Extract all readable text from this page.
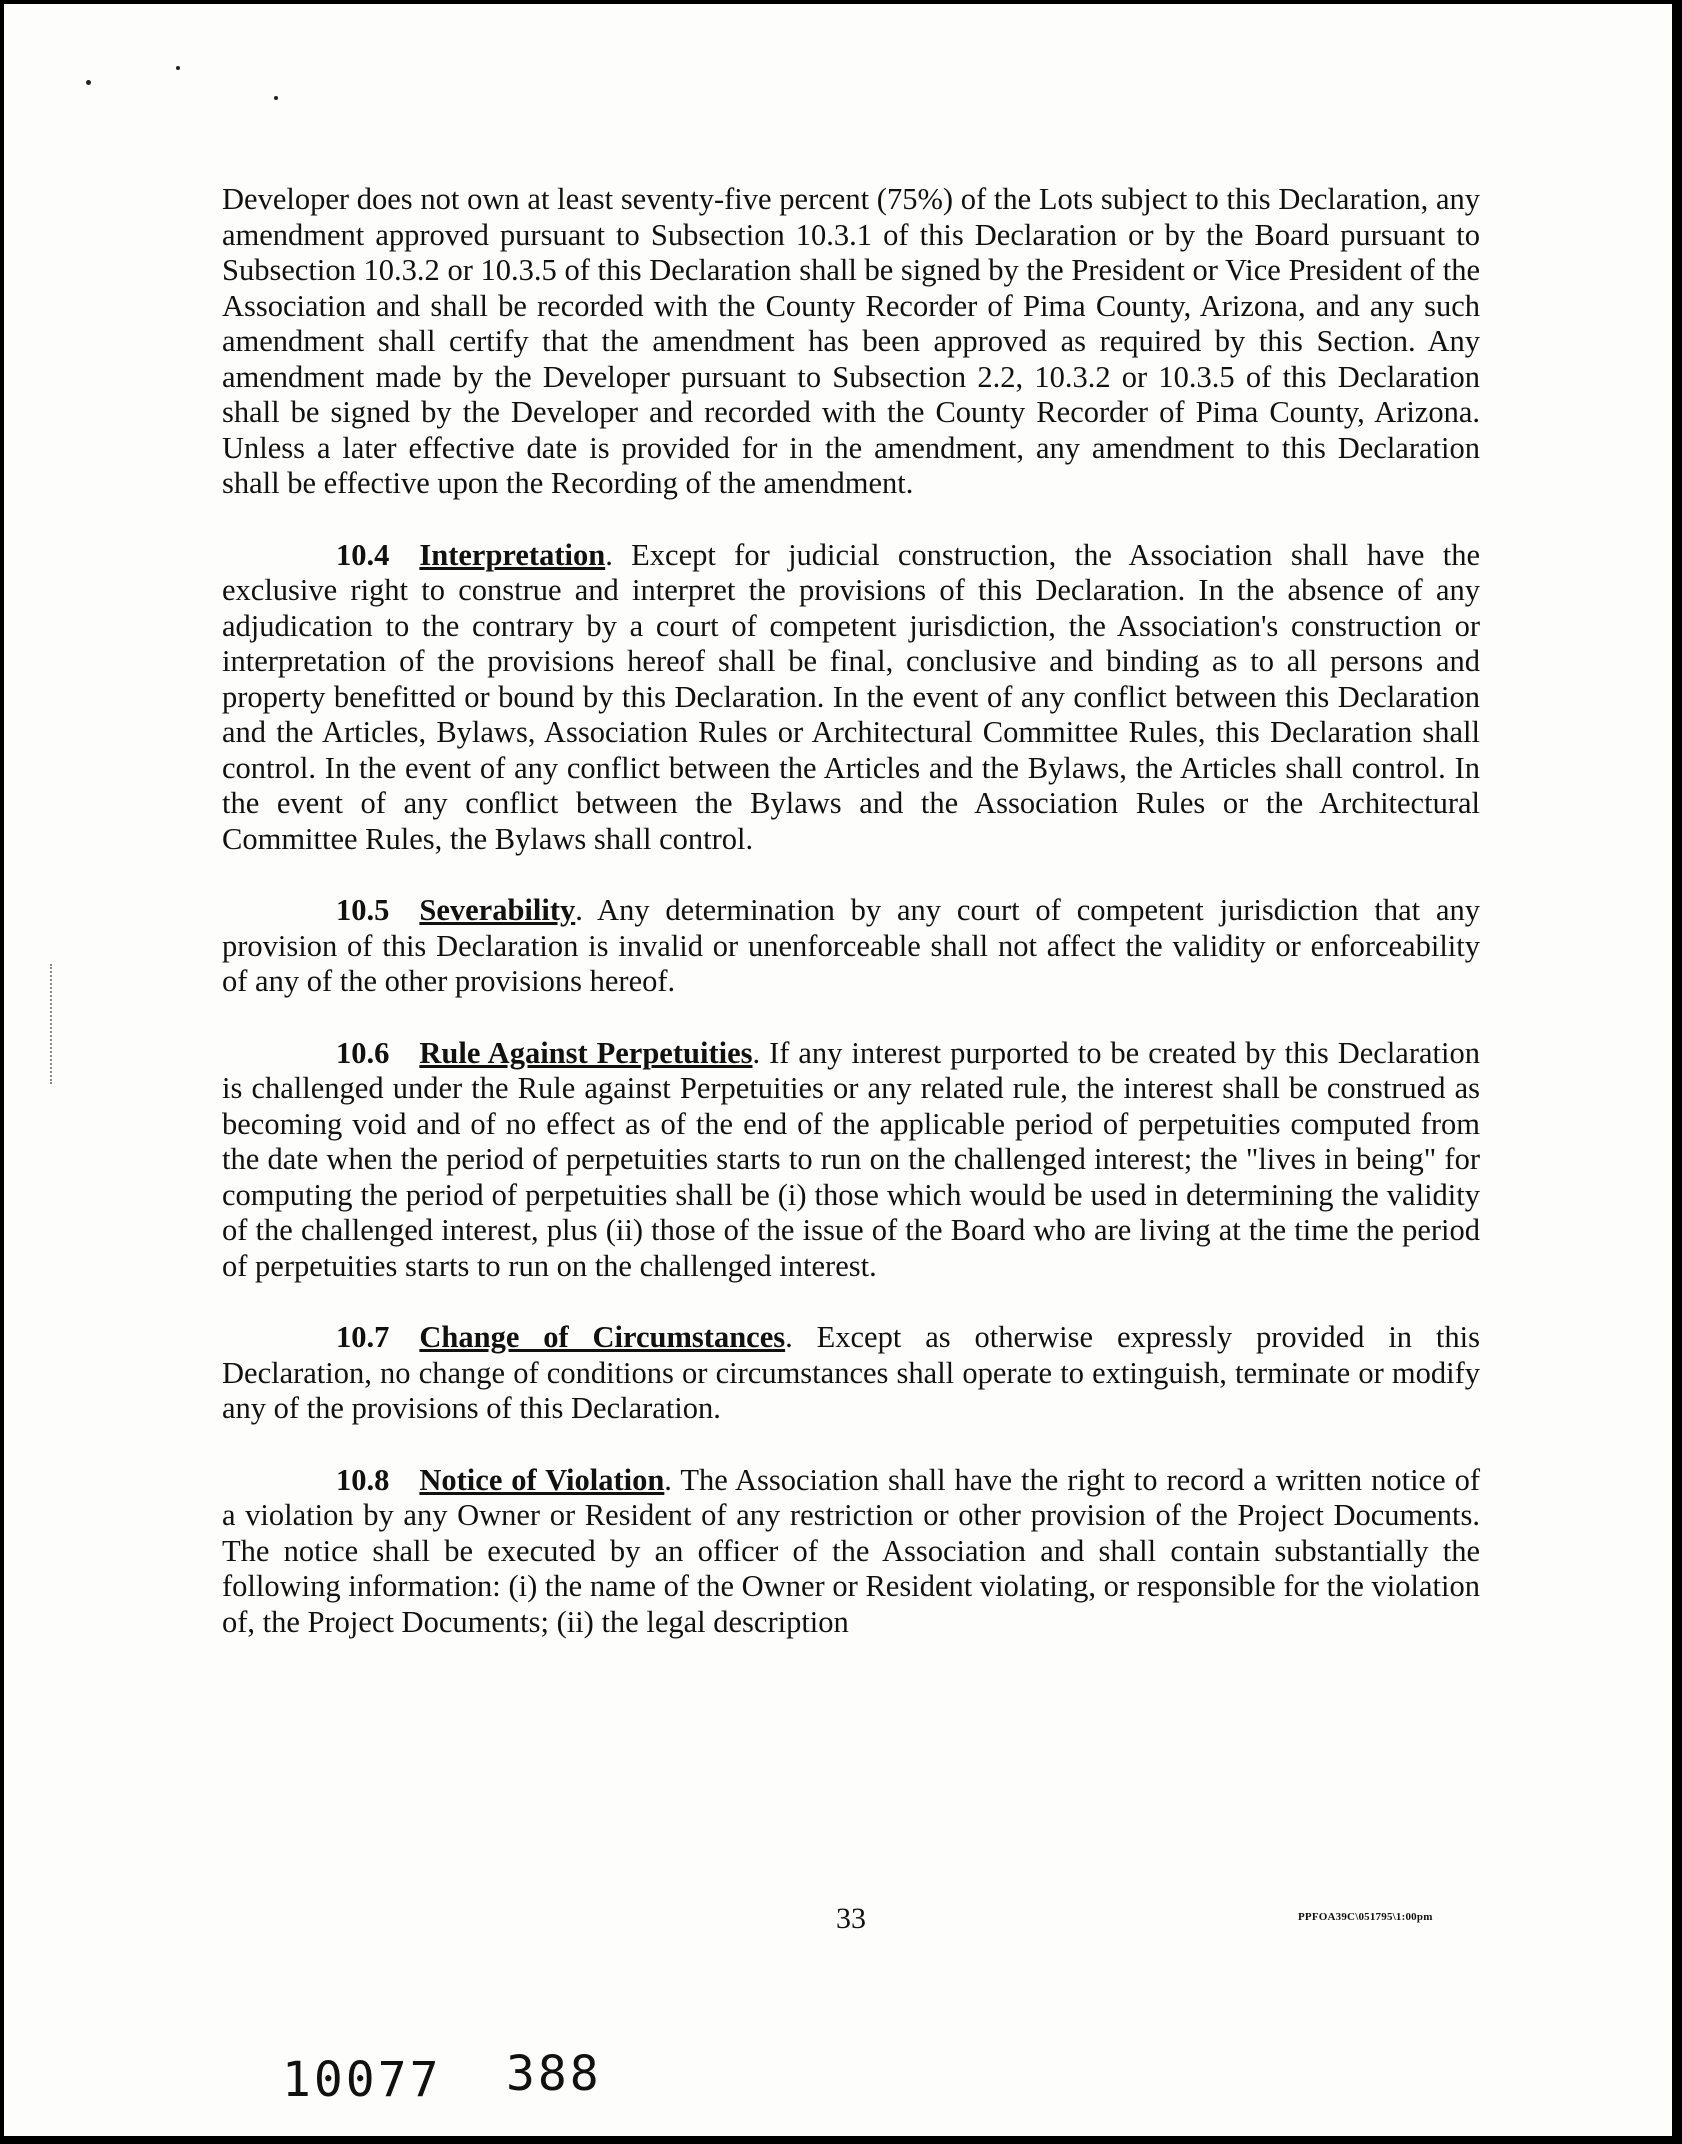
Developer does not own at least seventy-five percent (75%) of the Lots subject to this Declaration, any amendment approved pursuant to Subsection 10.3.1 of this Declaration or by the Board pursuant to Subsection 10.3.2 or 10.3.5 of this Declaration shall be signed by the President or Vice President of the Association and shall be recorded with the County Recorder of Pima County, Arizona, and any such amendment shall certify that the amendment has been approved as required by this Section. Any amendment made by the Developer pursuant to Subsection 2.2, 10.3.2 or 10.3.5 of this Declaration shall be signed by the Developer and recorded with the County Recorder of Pima County, Arizona. Unless a later effective date is provided for in the amendment, any amendment to this Declaration shall be effective upon the Recording of the amendment.

10.4 Interpretation. Except for judicial construction, the Association shall have the exclusive right to construe and interpret the provisions of this Declaration. In the absence of any adjudication to the contrary by a court of competent jurisdiction, the Association's construction or interpretation of the provisions hereof shall be final, conclusive and binding as to all persons and property benefitted or bound by this Declaration. In the event of any conflict between this Declaration and the Articles, Bylaws, Association Rules or Architectural Committee Rules, this Declaration shall control. In the event of any conflict between the Articles and the Bylaws, the Articles shall control. In the event of any conflict between the Bylaws and the Association Rules or the Architectural Committee Rules, the Bylaws shall control.

10.5 Severability. Any determination by any court of competent jurisdiction that any provision of this Declaration is invalid or unenforceable shall not affect the validity or enforceability of any of the other provisions hereof.

10.6 Rule Against Perpetuities. If any interest purported to be created by this Declaration is challenged under the Rule against Perpetuities or any related rule, the interest shall be construed as becoming void and of no effect as of the end of the applicable period of perpetuities computed from the date when the period of perpetuities starts to run on the challenged interest; the "lives in being" for computing the period of perpetuities shall be (i) those which would be used in determining the validity of the challenged interest, plus (ii) those of the issue of the Board who are living at the time the period of perpetuities starts to run on the challenged interest.

10.7 Change of Circumstances. Except as otherwise expressly provided in this Declaration, no change of conditions or circumstances shall operate to extinguish, terminate or modify any of the provisions of this Declaration.

10.8 Notice of Violation. The Association shall have the right to record a written notice of a violation by any Owner or Resident of any restriction or other provision of the Project Documents. The notice shall be executed by an officer of the Association and shall contain substantially the following information: (i) the name of the Owner or Resident violating, or responsible for the violation of, the Project Documents; (ii) the legal description

33	PPFOA39C\051795\1:00pm
10077 388
